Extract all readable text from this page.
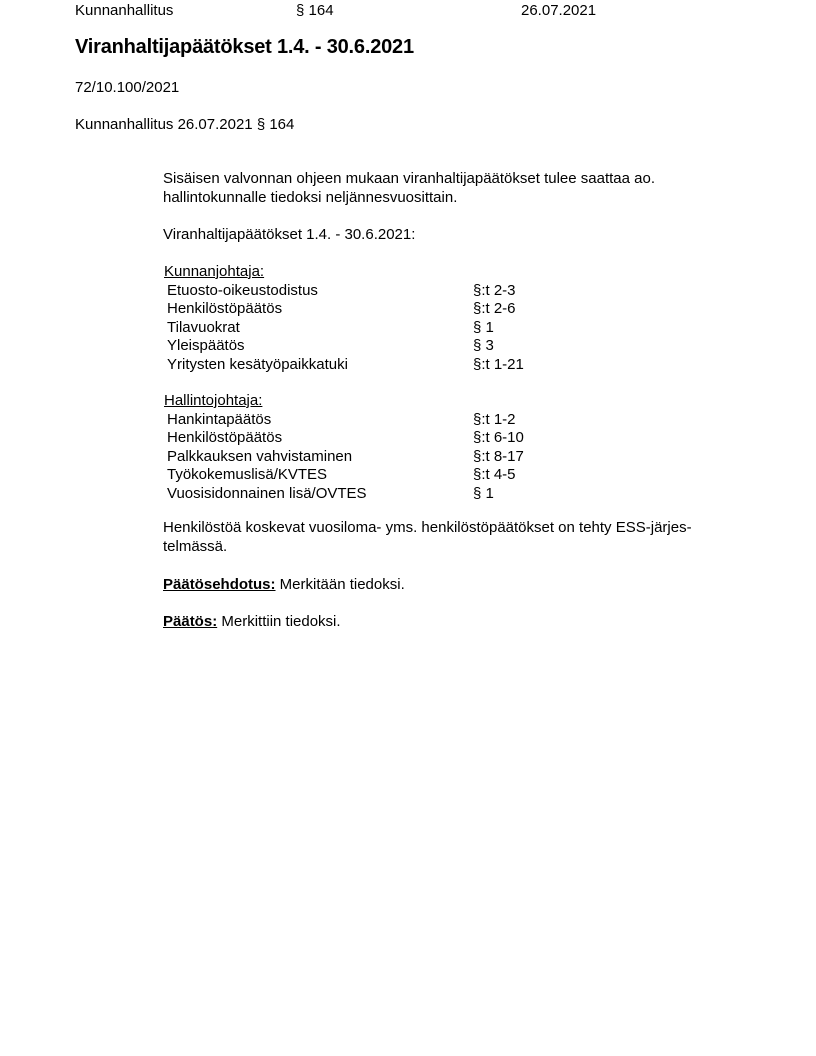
Kunnanhallitus	§ 164	26.07.2021
Viranhaltijapäätökset 1.4. - 30.6.2021
72/10.100/2021
Kunnanhallitus 26.07.2021 § 164
Sisäisen valvonnan ohjeen mukaan viranhaltijapäätökset tulee saattaa ao.
hallintokunnalle tiedoksi neljännesvuosittain.
Viranhaltijapäätökset 1.4. - 30.6.2021:
Kunnanjohtaja:
Etuosto-oikeustodistus	§:t 2-3
Henkilöstöpäätös	§:t 2-6
Tilavuokrat	§ 1
Yleispäätös	§ 3
Yritysten kesätyöpaikkatuki	§:t 1-21
Hallintojohtaja:
Hankintapäätös	§:t 1-2
Henkilöstöpäätös	§:t 6-10
Palkkauksen vahvistaminen	§:t 8-17
Työkokemuslisä/KVTES	§:t 4-5
Vuosisidonnainen lisä/OVTES	§ 1
Henkilöstöä koskevat vuosiloma- yms. henkilöstöpäätökset on tehty ESS-järjes-
telmässä.
Päätösehdotus: Merkitään tiedoksi.
Päätös: Merkittiin tiedoksi.
